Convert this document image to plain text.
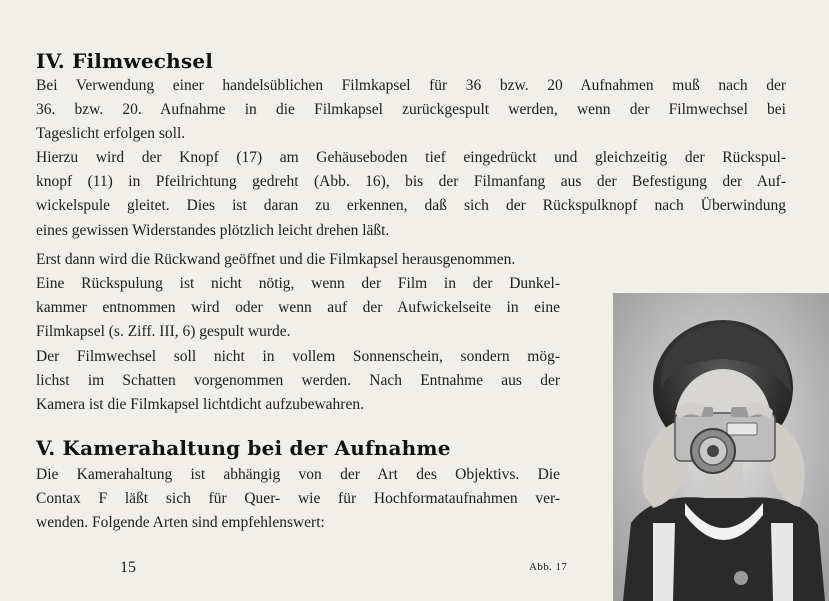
IV. Filmwechsel

Bei Verwendung einer handelsüblichen Filmkapsel für 36 bzw. 20 Aufnahmen muß nach der
36. bzw. 20. Aufnahme in die Filmkapsel zurückgespult werden, wenn der Filmwechsel bei
Tageslicht erfolgen soll.

Hierzu wird der Knopf (17) am Gehäuseboden tief eingedrückt und gleichzeitig der Rückspul-
knopf (11) in Pfeilrichtung gedreht (Abb. 16), bis der Filmanfang aus der Befestigung der Auf-
wickelspule gleitet. Dies ist daran zu erkennen, daß sich der Rückspulknopf nach Überwindung
eines gewissen Widerstandes plötzlich leicht drehen läßt.

Erst dann wird die Rückwand geöffnet und die Filmkapsel herausgenommen.

Eine Rückspulung ist nicht nötig, wenn der Film in der Dunkel-
kammer entnommen wird oder wenn auf der Aufwickelseite in eine
Filmkapsel (s. Ziff. III, 6) gespult wurde.

Der Filmwechsel soll nicht in vollem Sonnenschein, sondern mög-
lichst im Schatten vorgenommen werden. Nach Entnahme aus der
Kamera ist die Filmkapsel lichtdicht aufzubewahren.

V. Kamerahaltung bei der Aufnahme

Die Kamerahaltung ist abhängig von der Art des Objektivs. Die
Contax F läßt sich für Quer- wie für Hochformataufnahmen ver-
wenden. Folgende Arten sind empfehlenswert:

15	Abb. 17
